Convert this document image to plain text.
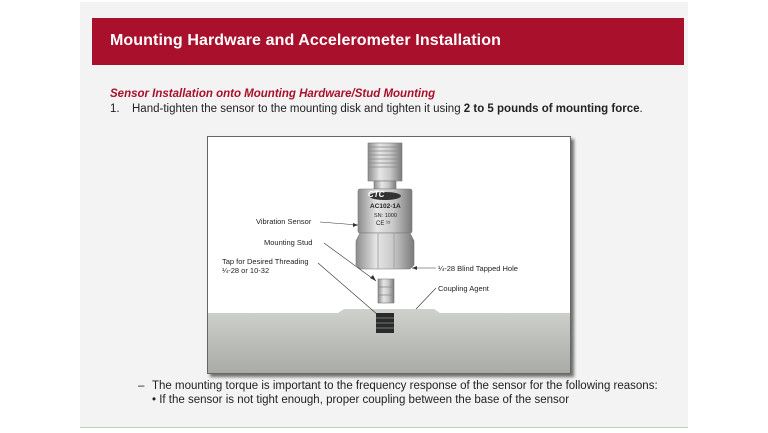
Mounting Hardware and Accelerometer Installation
Sensor Installation onto Mounting Hardware/Stud Mounting
1. Hand-tighten the sensor to the mounting disk and tighten it using 2 to 5 pounds of mounting force.
CTC
AC102-1A
SN: 1000
CE ¹⁵
Vibration Sensor
Mounting Stud
Tap for Desired Threading
¼-28 or 10-32	¼-28 Blind Tapped Hole
Coupling Agent
– The mounting torque is important to the frequency response of the sensor for the following reasons:
• If the sensor is not tight enough, proper coupling between the base of the sensor
